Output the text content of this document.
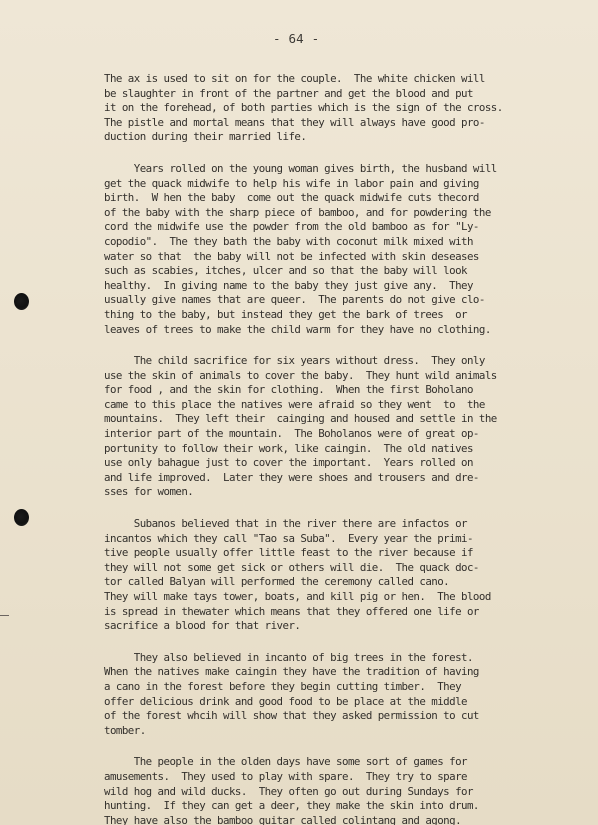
- 64 -
The ax is used to sit on for the couple.  The white chicken will
be slaughter in front of the partner and get the blood and put
it on the forehead, of both parties which is the sign of the cross.
The pistle and mortal means that they will always have good pro-
duction during their married life.
Years rolled on the young woman gives birth, the husband will
get the quack midwife to help his wife in labor pain and giving
birth.  W hen the baby  come out the quack midwife cuts thecord
of the baby with the sharp piece of bamboo, and for powdering the
cord the midwife use the powder from the old bamboo as for "Ly-
copodio".  The they bath the baby with coconut milk mixed with
water so that  the baby will not be infected with skin deseases
such as scabies, itches, ulcer and so that the baby will look
healthy.  In giving name to the baby they just give any.  They
usually give names that are queer.  The parents do not give clo-
thing to the baby, but instead they get the bark of trees  or
leaves of trees to make the child warm for they have no clothing.
The child sacrifice for six years without dress.  They only
use the skin of animals to cover the baby.  They hunt wild animals
for food , and the skin for clothing.  When the first Boholano
came to this place the natives were afraid so they went  to  the
mountains.  They left their  cainging and housed and settle in the
interior part of the mountain.  The Boholanos were of great op-
portunity to follow their work, like caingin.  The old natives
use only bahague just to cover the important.  Years rolled on
and life improved.  Later they were shoes and trousers and dre-
sses for women.
Subanos believed that in the river there are infactos or
incantos which they call "Tao sa Suba".  Every year the primi-
tive people usually offer little feast to the river because if
they will not some get sick or others will die.  The quack doc-
tor called Balyan will performed the ceremony called cano.
They will make tays tower, boats, and kill pig or hen.  The blood
is spread in thewater which means that they offered one life or
sacrifice a blood for that river.
They also believed in incanto of big trees in the forest.
When the natives make caingin they have the tradition of having
a cano in the forest before they begin cutting timber.  They
offer delicious drink and good food to be place at the middle
of the forest whcih will show that they asked permission to cut
tomber.
The people in the olden days have some sort of games for
amusements.  They used to play with spare.  They try to spare
wild hog and wild ducks.  They often go out during Sundays for
hunting.  If they can get a deer, they make the skin into drum.
They have also the bamboo guitar called colintang and agong.
